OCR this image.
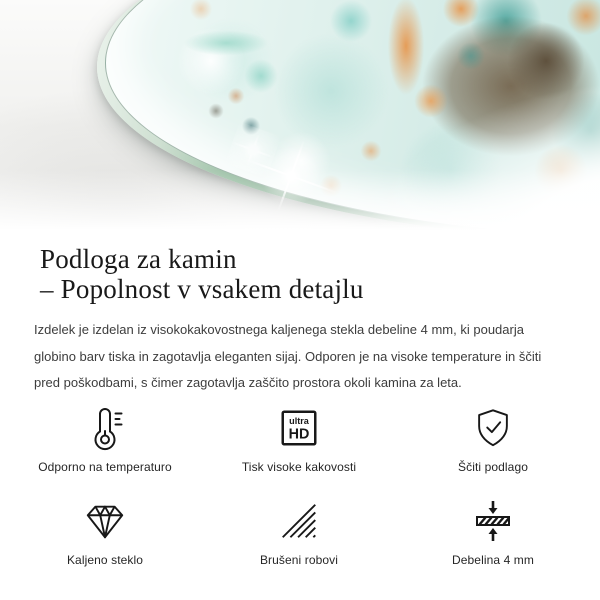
Podloga za kamin
– Popolnost v vsakem detajlu

Izdelek je izdelan iz visokokakovostnega kaljenega stekla debeline 4 mm, ki poudarja globino barv tiska in zagotavlja eleganten sijaj. Odporen je na visoke temperature in ščiti pred poškodbami, s čimer zagotavlja zaščito prostora okoli kamina za leta.

Odporno na temperaturo
ultra
HD
Tisk visoke kakovosti	Ščiti podlago
Kaljeno steklo	Brušeni robovi	Debelina 4 mm
